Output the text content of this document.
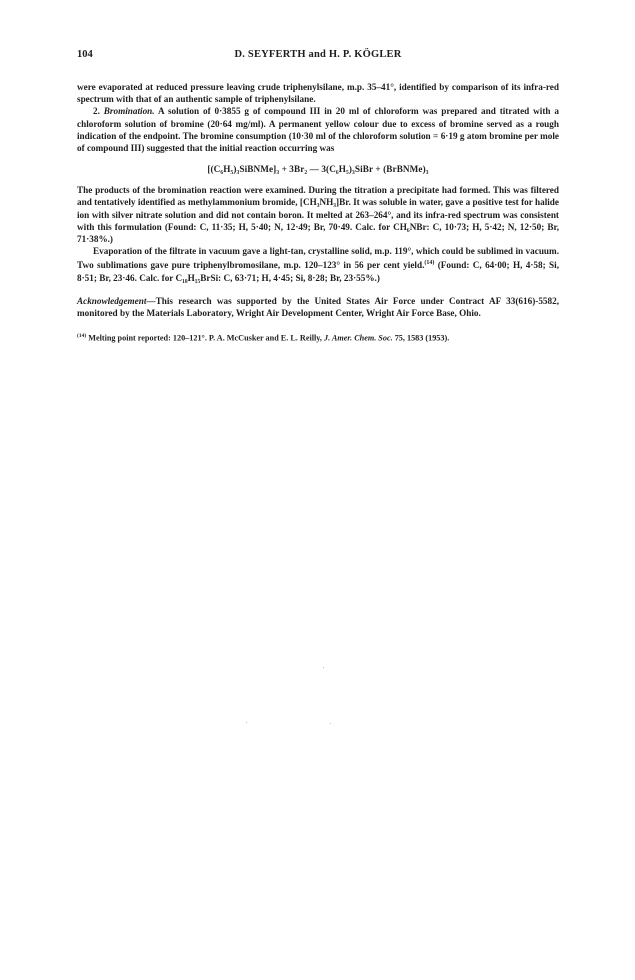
104	D. SEYFERTH and H. P. KÖGLER

were evaporated at reduced pressure leaving crude triphenylsilane, m.p. 35–41°, identified by comparison of its infra-red spectrum with that of an authentic sample of triphenylsilane.

2. Bromination. A solution of 0·3855 g of compound III in 20 ml of chloroform was prepared and titrated with a chloroform solution of bromine (20·64 mg/ml). A permanent yellow colour due to excess of bromine served as a rough indication of the endpoint. The bromine consumption (10·30 ml of the chloroform solution = 6·19 g atom bromine per mole of compound III) suggested that the initial reaction occurring was

[(C₆H₅)₃SiBNMe]₃ + 3Br₂ — 3(C₆H₅)₃SiBr + (BrBNMe)₃

The products of the bromination reaction were examined. During the titration a precipitate had formed. This was filtered and tentatively identified as methylammonium bromide, [CH₃NH₃]Br. It was soluble in water, gave a positive test for halide ion with silver nitrate solution and did not contain boron. It melted at 263–264°, and its infra-red spectrum was consistent with this formulation (Found: C, 11·35; H, 5·40; N, 12·49; Br, 70·49. Calc. for CH₆NBr: C, 10·73; H, 5·42; N, 12·50; Br, 71·38%.)

Evaporation of the filtrate in vacuum gave a light-tan, crystalline solid, m.p. 119°, which could be sublimed in vacuum. Two sublimations gave pure triphenylbromosilane, m.p. 120–123° in 56 per cent yield.$^{(14)}$ (Found: C, 64·00; H, 4·58; Si, 8·51; Br, 23·46. Calc. for C₁₈H₁₅BrSi: C, 63·71; H, 4·45; Si, 8·28; Br, 23·55%.)

Acknowledgement—This research was supported by the United States Air Force under Contract AF 33(616)-5582, monitored by the Materials Laboratory, Wright Air Development Center, Wright Air Force Base, Ohio.

$^{(14)}$ Melting point reported: 120–121°. P. A. McCusker and E. L. Reilly, J. Amer. Chem. Soc. 75, 1583 (1953).
